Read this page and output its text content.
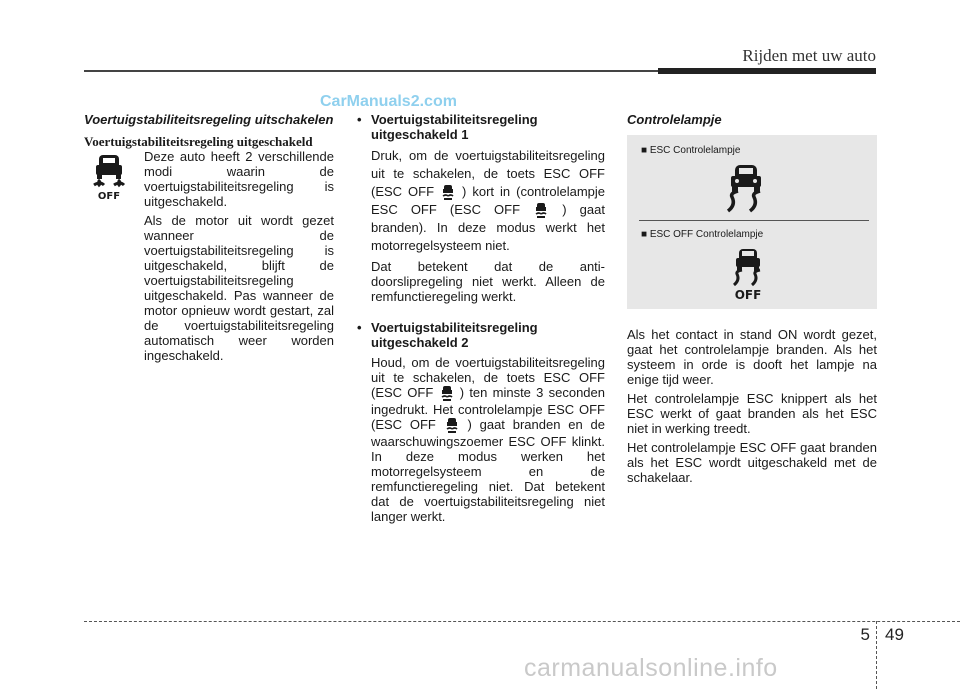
Rijden met uw auto
CarManuals2.com
Voertuigstabiliteitsregeling uitschakelen
Voertuigstabiliteitsregeling uitgeschakeld
OFF

Deze auto heeft 2 verschillende modi waarin de voertuigstabiliteitsregeling is uitgeschakeld.

Als de motor uit wordt gezet wanneer de voertuigstabiliteitsregeling is uitgeschakeld, blijft de voertuigstabiliteitsregeling uitgeschakeld. Pas wanneer de motor opnieuw wordt gestart, zal de voertuigstabiliteitsregeling automatisch weer worden ingeschakeld.

• Voertuigstabiliteitsregeling
uitgeschakeld 1

Druk, om de voertuigstabiliteitsregeling uit te schakelen, de toets ESC OFF (ESC OFF ) kort in (controlelampje ESC OFF (ESC OFF	) gaat branden). In deze modus werkt het motorregelsysteem niet.

Dat betekent dat de anti-doorslipregeling niet werkt. Alleen de remfunctieregeling werkt.

• Voertuigstabiliteitsregeling
uitgeschakeld 2

Houd, om de voertuigstabiliteitsregeling uit te schakelen, de toets ESC OFF (ESC OFF ) ten minste 3 seconden ingedrukt. Het controlelampje ESC OFF (ESC OFF ) gaat branden en de waarschuwingszoemer ESC OFF klinkt. In deze modus werken het motorregelsysteem en de remfunctieregeling niet. Dat betekent dat de voertuigstabiliteitsregeling niet langer werkt.

Controlelampje
■ ESC Controlelampje
■ ESC OFF Controlelampje
OFF

Als het contact in stand ON wordt gezet, gaat het controlelampje branden. Als het systeem in orde is dooft het lampje na enige tijd weer.

Het controlelampje ESC knippert als het ESC werkt of gaat branden als het ESC niet in werking treedt.

Het controlelampje ESC OFF gaat branden als het ESC wordt uitgeschakeld met de schakelaar.

5 49
carmanualsonline.info
